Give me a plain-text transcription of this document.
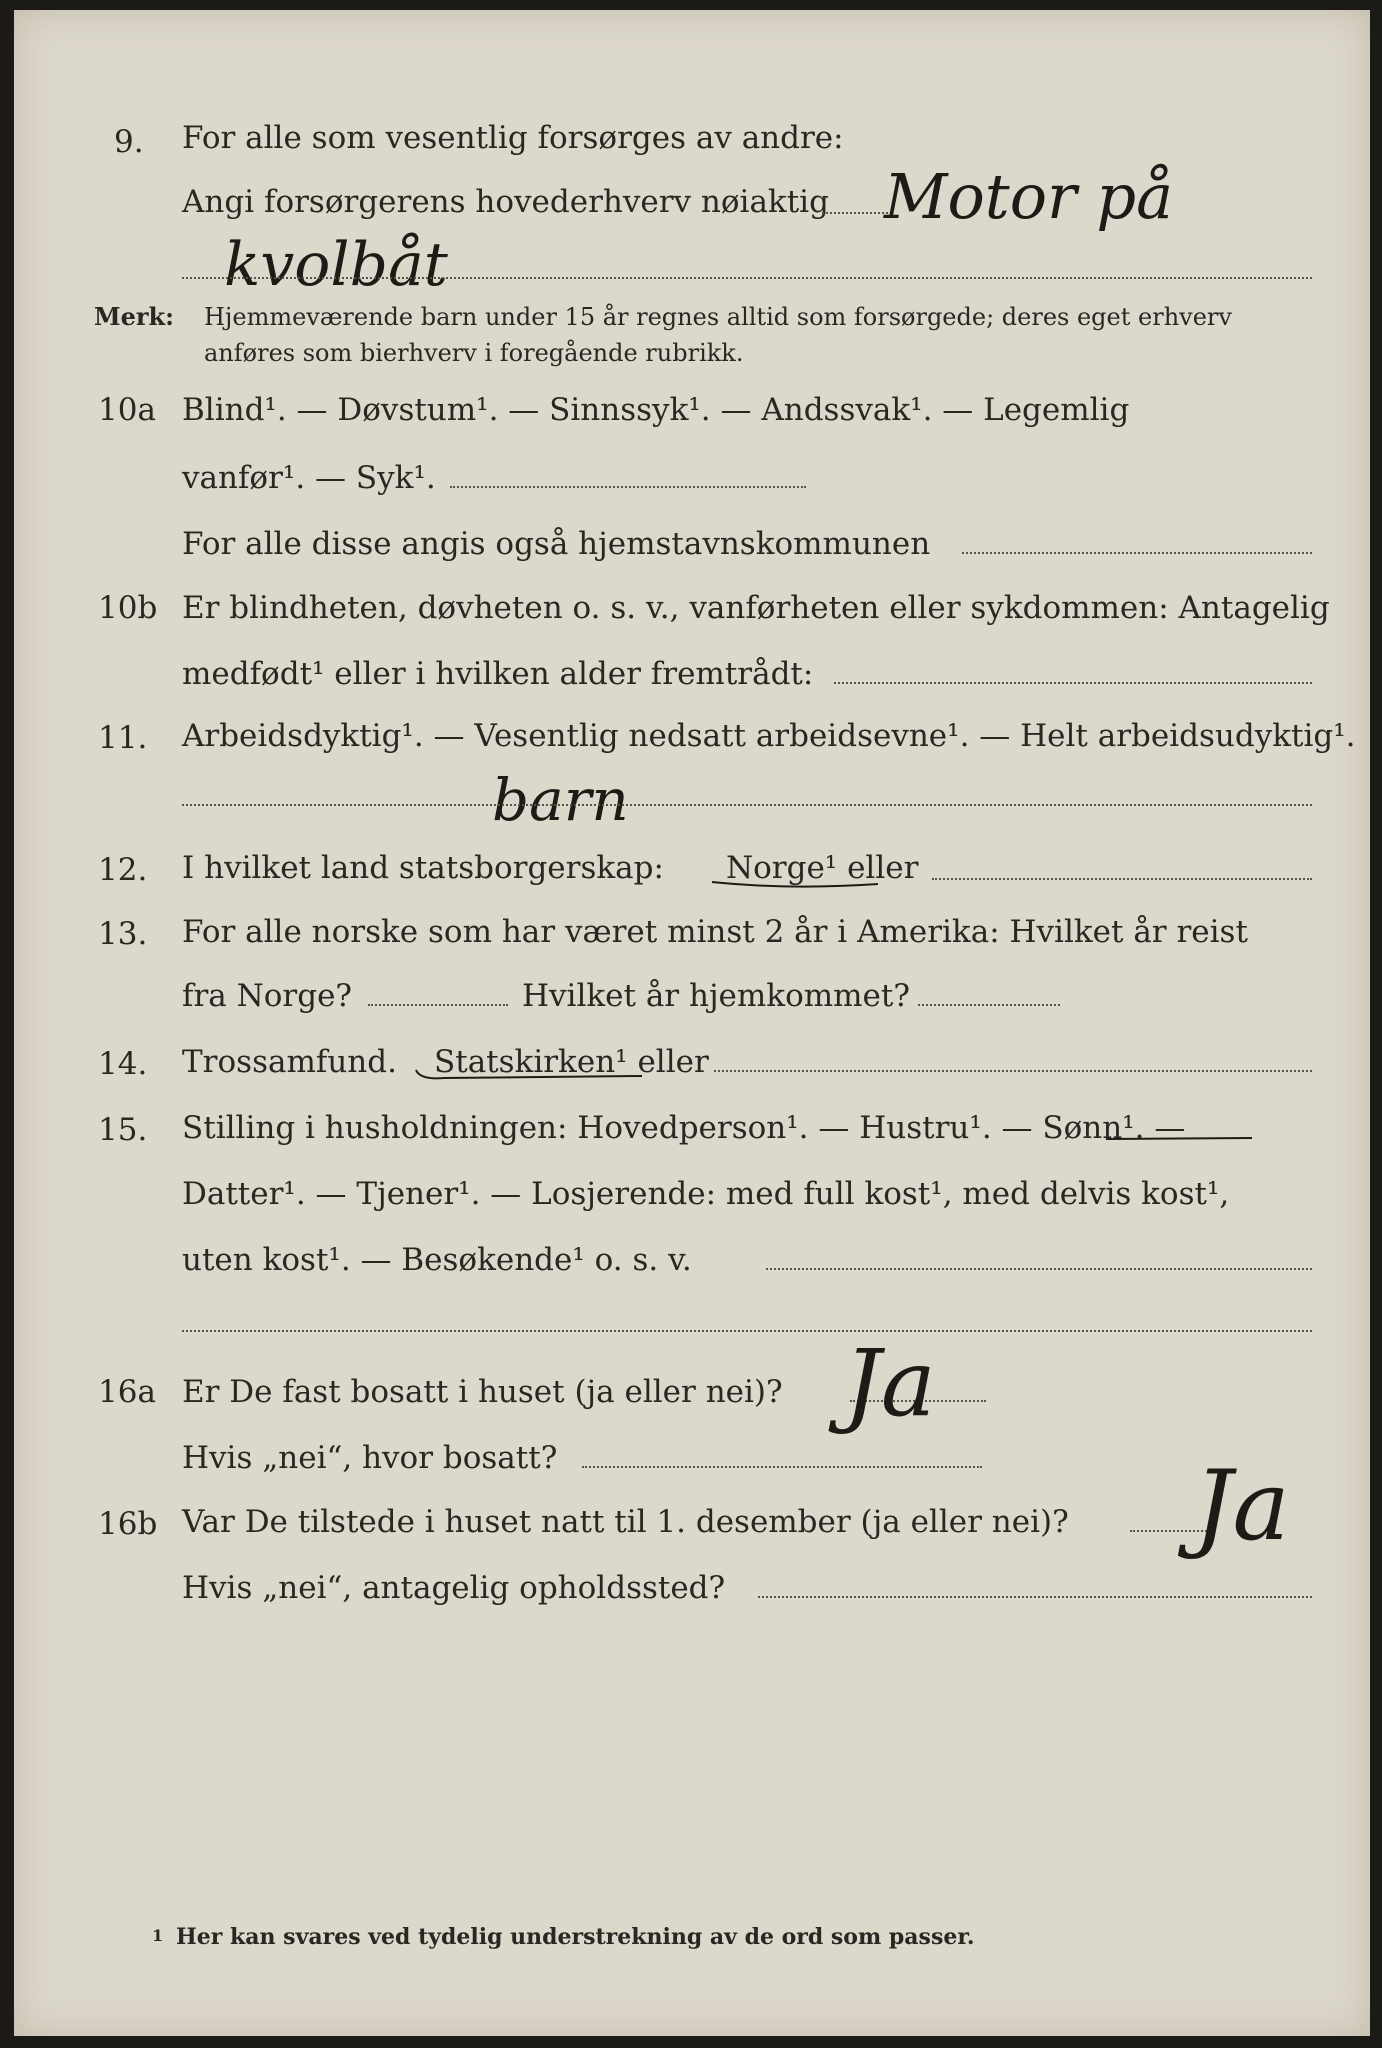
9. For alle som vesentlig forsørges av andre:
Angi forsørgerens hovederhverv nøiaktig Motor på
kvolbåt
Merk: Hjemmeværende barn under 15 år regnes alltid som forsørgede; deres eget erhverv
anføres som bierhverv i foregående rubrikk.
10a Blind¹. — Døvstum¹. — Sinnssyk¹. — Andssvak¹. — Legemlig
vanfør¹. — Syk¹.
For alle disse angis også hjemstavnskommunen
10b Er blindheten, døvheten o. s. v., vanførheten eller sykdommen: Antagelig
medfødt¹ eller i hvilken alder fremtrådt:
11. Arbeidsdyktig¹. — Vesentlig nedsatt arbeidsevne¹. — Helt arbeidsudyktig¹.
barn
12. I hvilket land statsborgerskap: Norge¹ eller
13. For alle norske som har været minst 2 år i Amerika: Hvilket år reist
fra Norge?	Hvilket år hjemkommet?
14. Trossamfund. Statskirken¹ eller
15. Stilling i husholdningen: Hovedperson¹. — Hustru¹. — Sønn¹. —
Datter¹. — Tjener¹. — Losjerende: med full kost¹, med delvis kost¹,
uten kost¹. — Besøkende¹ o. s. v.
16a Er De fast bosatt i huset (ja eller nei)? Ja
Hvis „nei“, hvor bosatt?
16b Var De tilstede i huset natt til 1. desember (ja eller nei)? Ja
Hvis „nei“, antagelig opholdssted?
1 Her kan svares ved tydelig understrekning av de ord som passer.
